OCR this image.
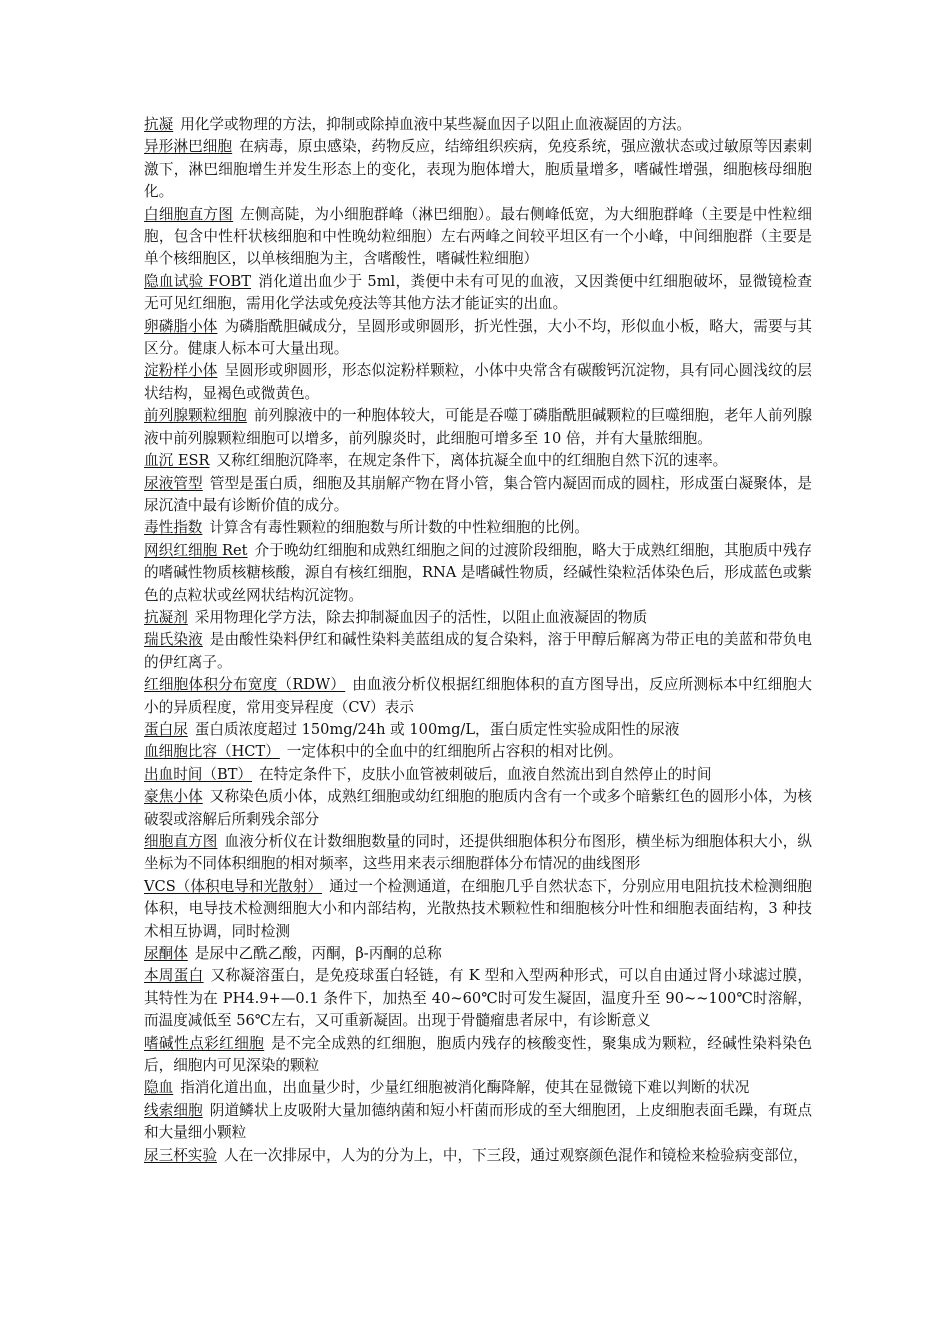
抗凝 用化学或物理的方法，抑制或除掉血液中某些凝血因子以阻止血液凝固的方法。

异形淋巴细胞 在病毒，原虫感染，药物反应，结缔组织疾病，免疫系统，强应激状态或过敏原等因素刺激下，淋巴细胞增生并发生形态上的变化，表现为胞体增大，胞质量增多，嗜碱性增强，细胞核母细胞化。

白细胞直方图 左侧高陡，为小细胞群峰（淋巴细胞）。最右侧峰低宽，为大细胞群峰（主要是中性粒细胞，包含中性杆状核细胞和中性晚幼粒细胞）左右两峰之间较平坦区有一个小峰，中间细胞群（主要是单个核细胞区，以单核细胞为主，含嗜酸性，嗜碱性粒细胞）

隐血试验 FOBT 消化道出血少于 5ml，粪便中未有可见的血液，又因粪便中红细胞破坏，显微镜检查无可见红细胞，需用化学法或免疫法等其他方法才能证实的出血。

卵磷脂小体 为磷脂酰胆碱成分，呈圆形或卵圆形，折光性强，大小不均，形似血小板，略大，需要与其区分。健康人标本可大量出现。

淀粉样小体 呈圆形或卵圆形，形态似淀粉样颗粒，小体中央常含有碳酸钙沉淀物，具有同心圆浅纹的层状结构，显褐色或微黄色。

前列腺颗粒细胞 前列腺液中的一种胞体较大，可能是吞噬丁磷脂酰胆碱颗粒的巨噬细胞，老年人前列腺液中前列腺颗粒细胞可以增多，前列腺炎时，此细胞可增多至 10 倍，并有大量脓细胞。

血沉 ESR 又称红细胞沉降率，在规定条件下，离体抗凝全血中的红细胞自然下沉的速率。

尿液管型 管型是蛋白质，细胞及其崩解产物在肾小管，集合管内凝固而成的圆柱，形成蛋白凝聚体，是尿沉渣中最有诊断价值的成分。

毒性指数 计算含有毒性颗粒的细胞数与所计数的中性粒细胞的比例。

网织红细胞 Ret 介于晚幼红细胞和成熟红细胞之间的过渡阶段细胞，略大于成熟红细胞，其胞质中残存的嗜碱性物质核糖核酸，源自有核红细胞，RNA 是嗜碱性物质，经碱性染粒活体染色后，形成蓝色或紫色的点粒状或丝网状结构沉淀物。

抗凝剂 采用物理化学方法，除去抑制凝血因子的活性，以阻止血液凝固的物质

瑞氏染液 是由酸性染料伊红和碱性染料美蓝组成的复合染料，溶于甲醇后解离为带正电的美蓝和带负电的伊红离子。

红细胞体积分布宽度（RDW） 由血液分析仪根据红细胞体积的直方图导出，反应所测标本中红细胞大小的异质程度，常用变异程度（CV）表示

蛋白尿 蛋白质浓度超过 150mg/24h 或 100mg/L，蛋白质定性实验成阳性的尿液

血细胞比容（HCT） 一定体积中的全血中的红细胞所占容积的相对比例。

出血时间（BT） 在特定条件下，皮肤小血管被刺破后，血液自然流出到自然停止的时间

豪焦小体 又称染色质小体，成熟红细胞或幼红细胞的胞质内含有一个或多个暗紫红色的圆形小体，为核破裂或溶解后所剩残余部分

细胞直方图 血液分析仪在计数细胞数量的同时，还提供细胞体积分布图形，横坐标为细胞体积大小，纵坐标为不同体积细胞的相对频率，这些用来表示细胞群体分布情况的曲线图形

VCS（体积电导和光散射） 通过一个检测通道，在细胞几乎自然状态下，分别应用电阻抗技术检测细胞体积，电导技术检测细胞大小和内部结构，光散热技术颗粒性和细胞核分叶性和细胞表面结构，3 种技术相互协调，同时检测

尿酮体 是尿中乙酰乙酸，丙酮，β-丙酮的总称

本周蛋白 又称凝溶蛋白，是免疫球蛋白轻链，有 K 型和入型两种形式，可以自由通过肾小球滤过膜，其特性为在 PH4.9+—0.1 条件下，加热至 40~60℃时可发生凝固，温度升至 90~~100℃时溶解，而温度减低至 56℃左右，又可重新凝固。出现于骨髓瘤患者尿中，有诊断意义

嗜碱性点彩红细胞 是不完全成熟的红细胞，胞质内残存的核酸变性，聚集成为颗粒，经碱性染料染色后，细胞内可见深染的颗粒

隐血 指消化道出血，出血量少时，少量红细胞被消化酶降解，使其在显微镜下难以判断的状况

线索细胞 阴道鳞状上皮吸附大量加德纳菌和短小杆菌而形成的至大细胞团，上皮细胞表面毛躁，有斑点和大量细小颗粒

尿三杯实验 人在一次排尿中，人为的分为上，中，下三段，通过观察颜色混作和镜检来检验病变部位，
